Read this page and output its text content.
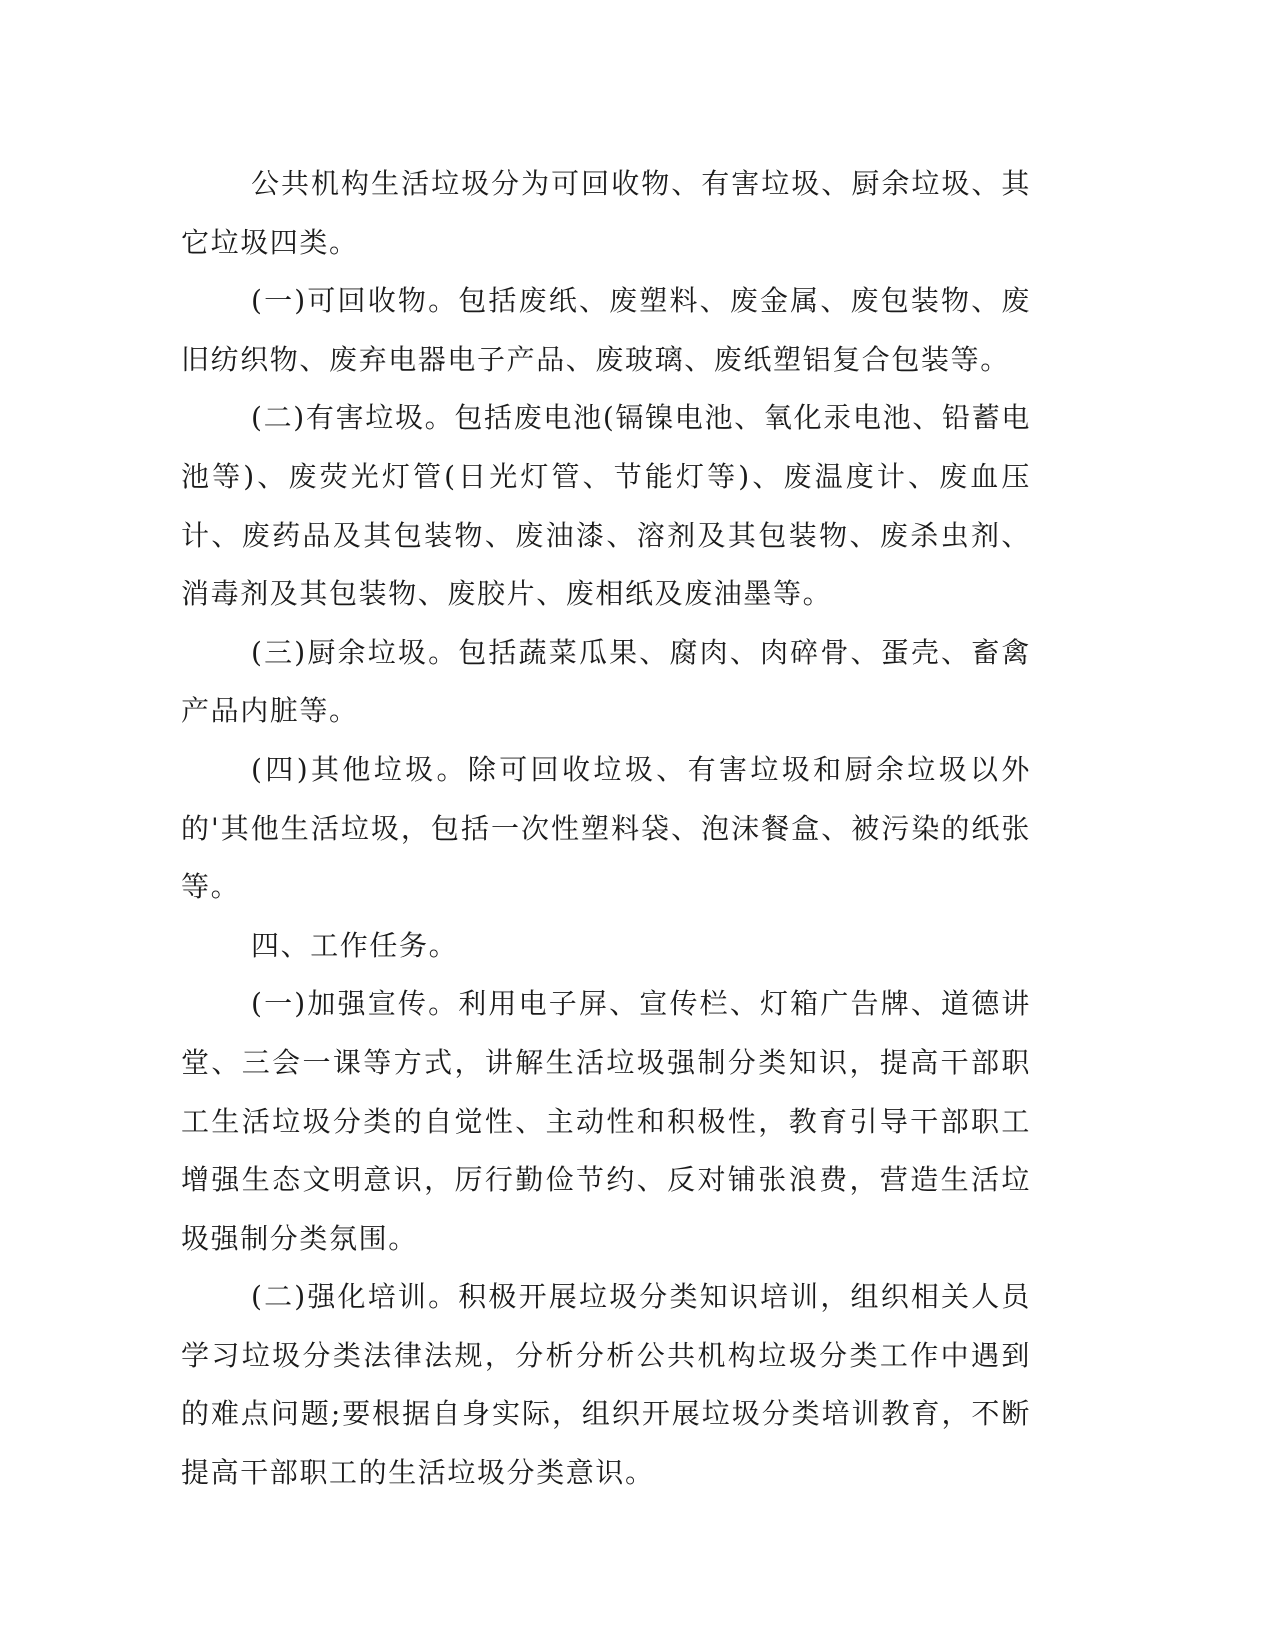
公共机构生活垃圾分为可回收物、有害垃圾、厨余垃圾、其它垃圾四类。

(一)可回收物。包括废纸、废塑料、废金属、废包装物、废旧纺织物、废弃电器电子产品、废玻璃、废纸塑铝复合包装等。

(二)有害垃圾。包括废电池(镉镍电池、氧化汞电池、铅蓄电池等)、废荧光灯管(日光灯管、节能灯等)、废温度计、废血压计、废药品及其包装物、废油漆、溶剂及其包装物、废杀虫剂、消毒剂及其包装物、废胶片、废相纸及废油墨等。

(三)厨余垃圾。包括蔬菜瓜果、腐肉、肉碎骨、蛋壳、畜禽产品内脏等。

(四)其他垃圾。除可回收垃圾、有害垃圾和厨余垃圾以外的'其他生活垃圾，包括一次性塑料袋、泡沫餐盒、被污染的纸张等。

四、工作任务。

(一)加强宣传。利用电子屏、宣传栏、灯箱广告牌、道德讲堂、三会一课等方式，讲解生活垃圾强制分类知识，提高干部职工生活垃圾分类的自觉性、主动性和积极性，教育引导干部职工增强生态文明意识，厉行勤俭节约、反对铺张浪费，营造生活垃圾强制分类氛围。

(二)强化培训。积极开展垃圾分类知识培训，组织相关人员学习垃圾分类法律法规，分析分析公共机构垃圾分类工作中遇到的难点问题;要根据自身实际，组织开展垃圾分类培训教育，不断提高干部职工的生活垃圾分类意识。
